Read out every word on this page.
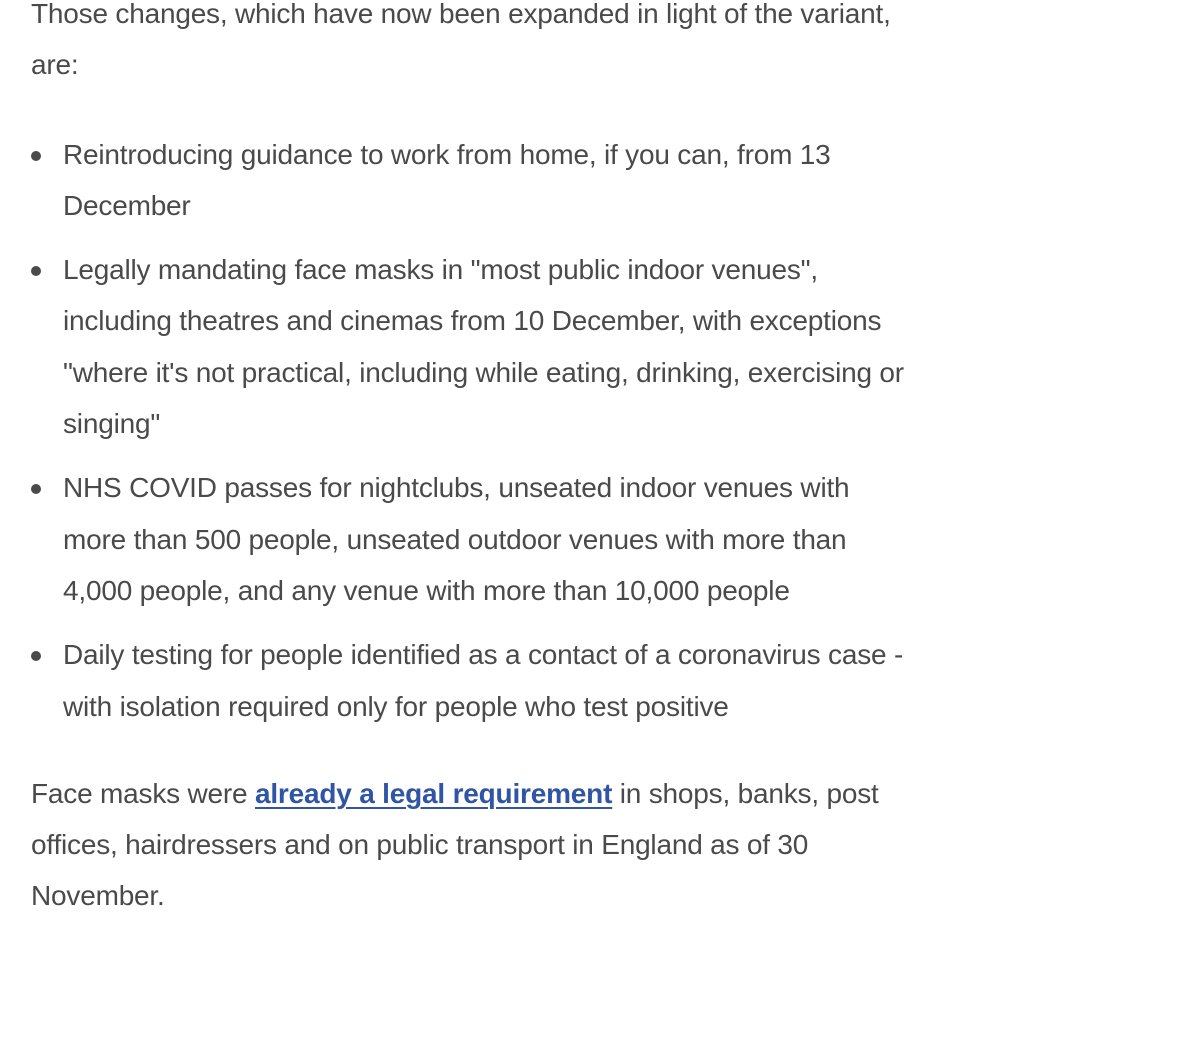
Those changes, which have now been expanded in light of the variant, are:

Reintroducing guidance to work from home, if you can, from 13 December
Legally mandating face masks in "most public indoor venues", including theatres and cinemas from 10 December, with exceptions "where it's not practical, including while eating, drinking, exercising or singing"
NHS COVID passes for nightclubs, unseated indoor venues with more than 500 people, unseated outdoor venues with more than 4,000 people, and any venue with more than 10,000 people
Daily testing for people identified as a contact of a coronavirus case - with isolation required only for people who test positive

Face masks were already a legal requirement in shops, banks, post offices, hairdressers and on public transport in England as of 30 November.
